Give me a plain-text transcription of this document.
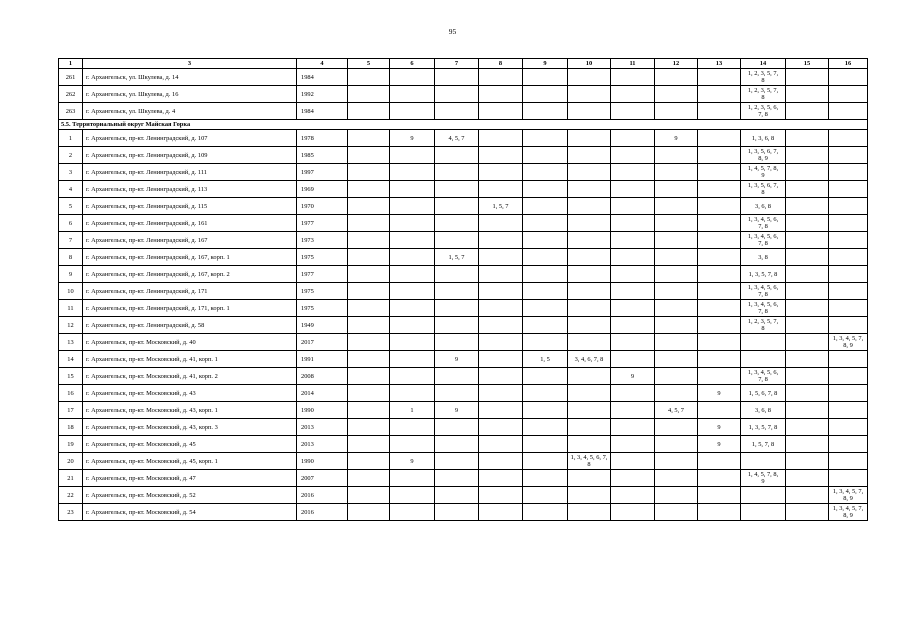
95
1	3	4	5	6	7	8	9	10	11	12	13	14	15	16
261	г. Архангельск, ул. Шкулева, д. 14	1984										1, 2, 3, 5, 7,
8		
262	г. Архангельск, ул. Шкулева, д. 16	1992										1, 2, 3, 5, 7,
8		
263	г. Архангельск, ул. Шкулева, д. 4	1984										1, 2, 3, 5, 6,
7, 8		
5.5. Территориальный округ Майская Горка														
1	г. Архангельск, пр-кт. Ленинградский, д. 107	1978		9	4, 5, 7					9		1, 3, 6, 8		
2	г. Архангельск, пр-кт. Ленинградский, д. 109	1985										1, 3, 5, 6, 7,
8, 9		
3	г. Архангельск, пр-кт. Ленинградский, д. 111	1997										1, 4, 5, 7, 8,
9		
4	г. Архангельск, пр-кт. Ленинградский, д. 113	1969										1, 3, 5, 6, 7,
8		
5	г. Архангельск, пр-кт. Ленинградский, д. 115	1970				1, 5, 7						3, 6, 8		
6	г. Архангельск, пр-кт. Ленинградский, д. 161	1977										1, 3, 4, 5, 6,
7, 8		
7	г. Архангельск, пр-кт. Ленинградский, д. 167	1973										1, 3, 4, 5, 6,
7, 8		
8	г. Архангельск, пр-кт. Ленинградский, д. 167, корп. 1	1975			1, 5, 7							3, 8		
9	г. Архангельск, пр-кт. Ленинградский, д. 167, корп. 2	1977										1, 3, 5, 7, 8		
10	г. Архангельск, пр-кт. Ленинградский, д. 171	1975										1, 3, 4, 5, 6,
7, 8		
11	г. Архангельск, пр-кт. Ленинградский, д. 171, корп. 1	1975										1, 3, 4, 5, 6,
7, 8		
12	г. Архангельск, пр-кт. Ленинградский, д. 58	1949										1, 2, 3, 5, 7,
8		
13	г. Архангельск, пр-кт. Московский, д. 40	2017												1, 3, 4, 5, 7,
8, 9
14	г. Архангельск, пр-кт. Московский, д. 41, корп. 1	1991			9		1, 5	3, 4, 6, 7, 8						
15	г. Архангельск, пр-кт. Московский, д. 41, корп. 2	2008							9			1, 3, 4, 5, 6,
7, 8		
16	г. Архангельск, пр-кт. Московский, д. 43	2014									9	1, 5, 6, 7, 8		
17	г. Архангельск, пр-кт. Московский, д. 43, корп. 1	1990		1	9					4, 5, 7		3, 6, 8		
18	г. Архангельск, пр-кт. Московский, д. 43, корп. 3	2013									9	1, 3, 5, 7, 8		
19	г. Архангельск, пр-кт. Московский, д. 45	2013									9	1, 5, 7, 8		
20	г. Архангельск, пр-кт. Московский, д. 45, корп. 1	1990		9				1, 3, 4, 5, 6, 7, 8						
21	г. Архангельск, пр-кт. Московский, д. 47	2007										1, 4, 5, 7, 8,
9		
22	г. Архангельск, пр-кт. Московский, д. 52	2016												1, 3, 4, 5, 7,
8, 9
23	г. Архангельск, пр-кт. Московский, д. 54	2016												1, 3, 4, 5, 7,
8, 9
